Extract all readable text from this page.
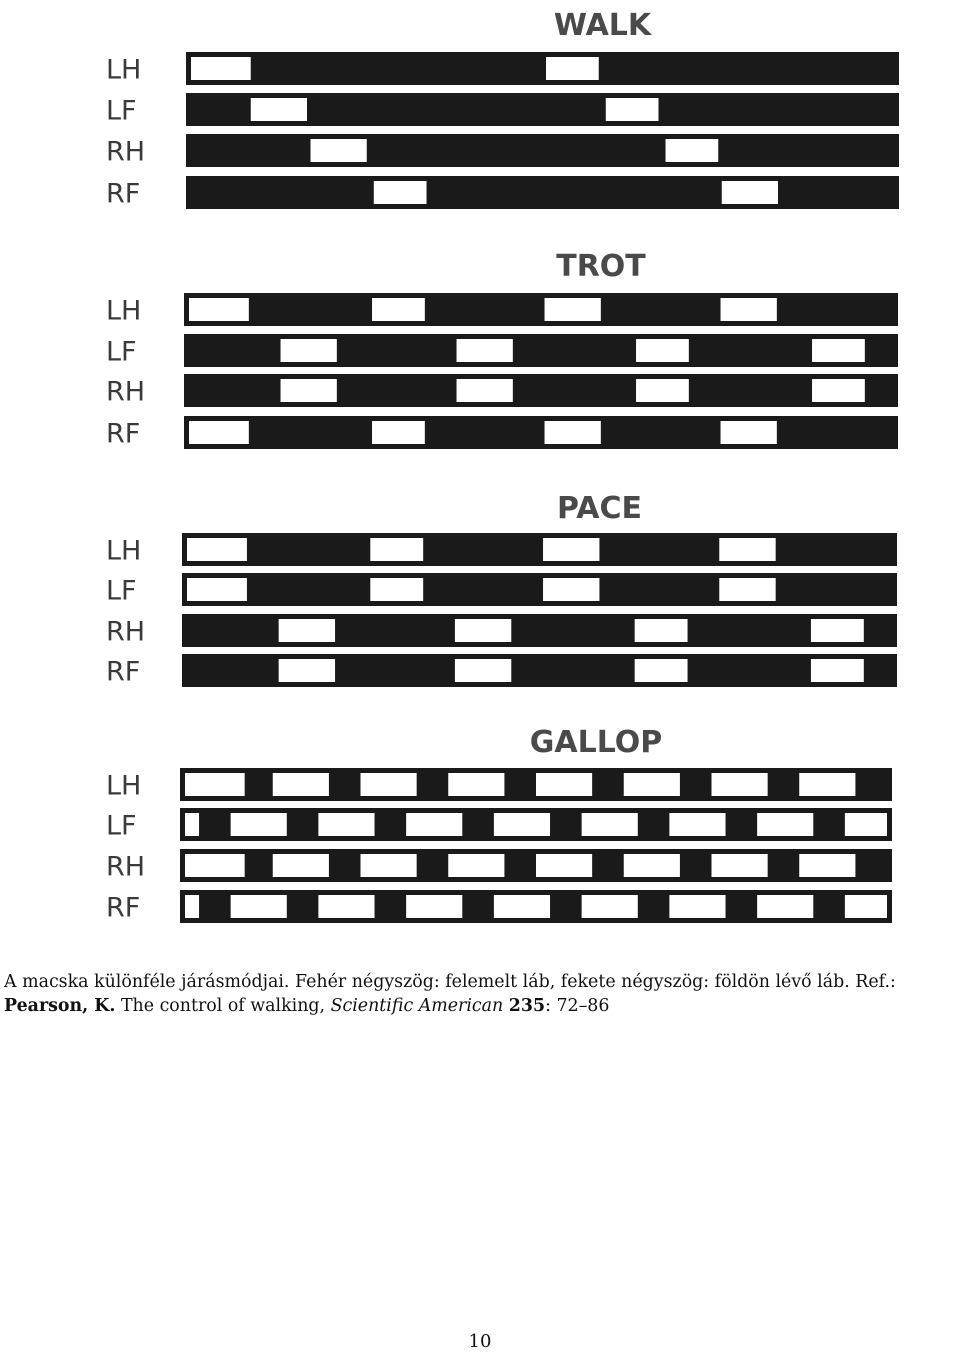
WALK
LH
LF
RH
RF
TROT
LH
LF
RH
RF
PACE
LH
LF
RH
RF
GALLOP
LH
LF
RH
RF
A macska különféle járásmódjai. Fehér négyszög: felemelt láb, fekete négyszög: földön lévő láb. Ref.: Pearson, K. The control of walking, Scientific American 235: 72–86
10
